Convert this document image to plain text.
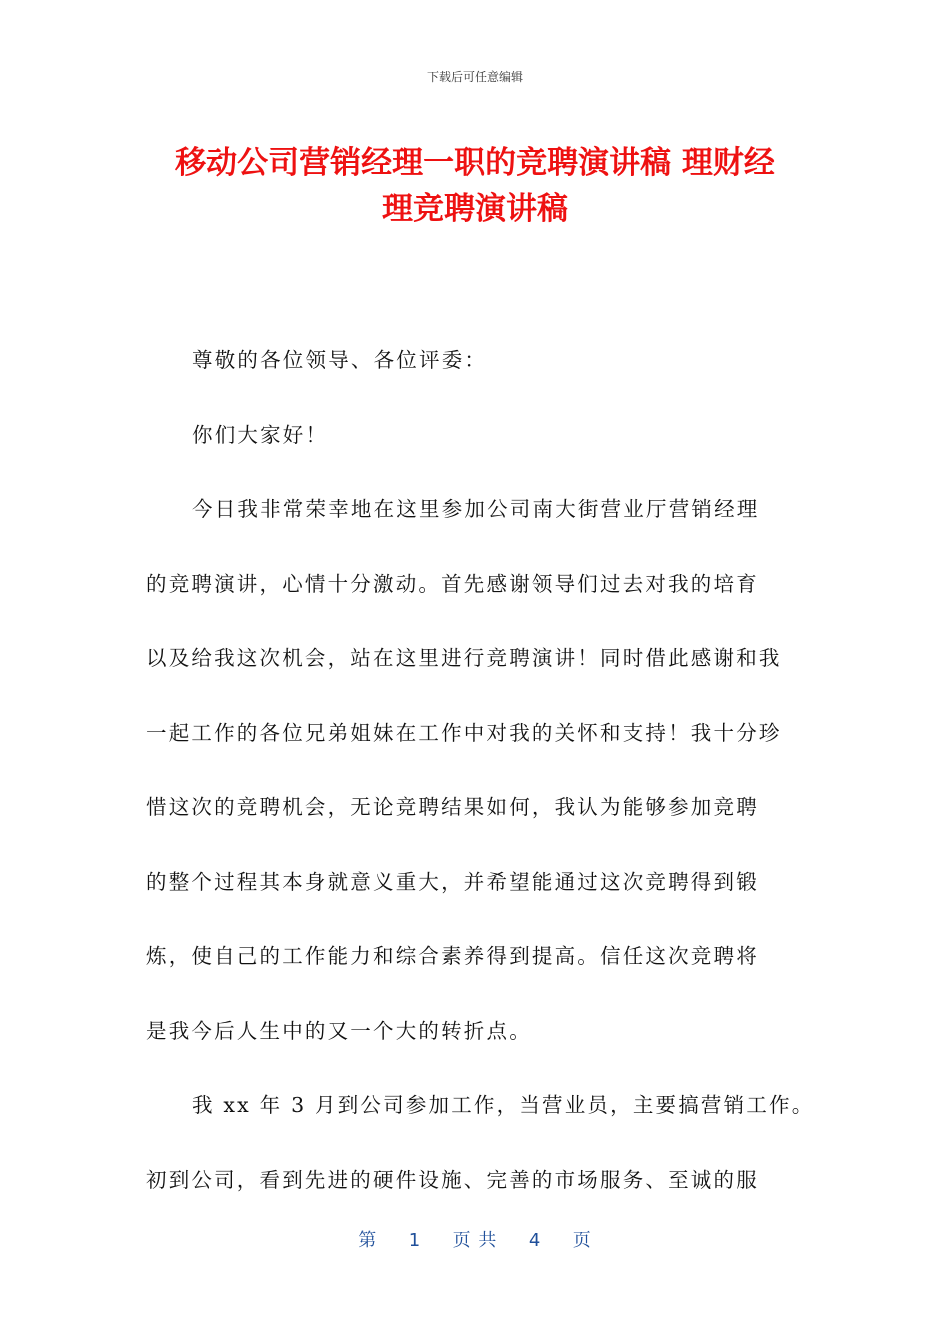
下载后可任意编辑
移动公司营销经理一职的竞聘演讲稿 理财经
理竞聘演讲稿
尊敬的各位领导、各位评委：
你们大家好！
今日我非常荣幸地在这里参加公司南大街营业厅营销经理
的竞聘演讲，心情十分激动。首先感谢领导们过去对我的培育
以及给我这次机会，站在这里进行竞聘演讲！同时借此感谢和我
一起工作的各位兄弟姐妹在工作中对我的关怀和支持！我十分珍
惜这次的竞聘机会，无论竞聘结果如何，我认为能够参加竞聘
的整个过程其本身就意义重大，并希望能通过这次竞聘得到锻
炼，使自己的工作能力和综合素养得到提高。信任这次竞聘将
是我今后人生中的又一个大的转折点。
我 xx 年 3 月到公司参加工作，当营业员，主要搞营销工作。
初到公司，看到先进的硬件设施、完善的市场服务、至诚的服
第 1 页 共 4 页
